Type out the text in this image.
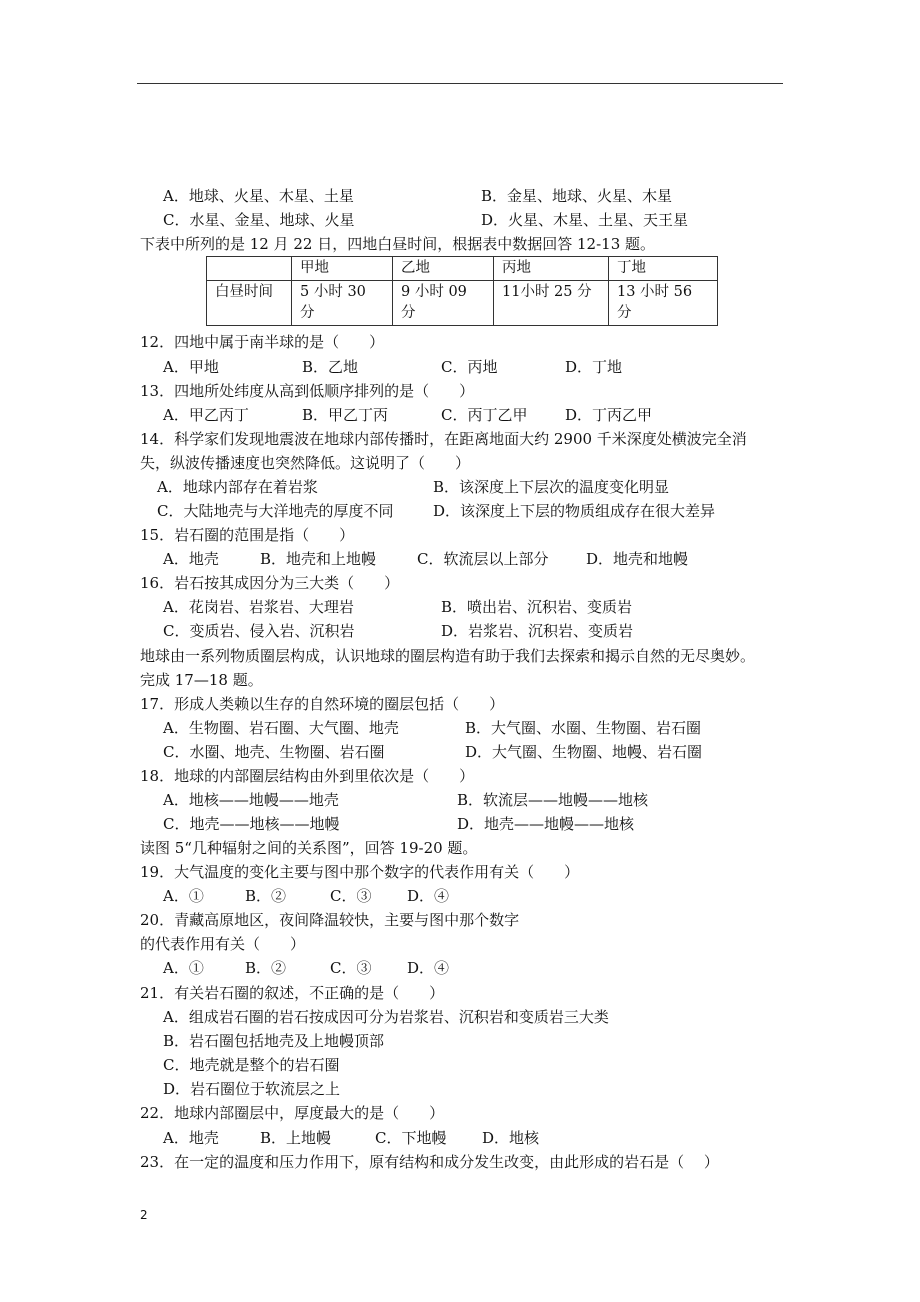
A．地球、火星、木星、土星	B．金星、地球、火星、木星
C．水星、金星、地球、火星	D．火星、木星、土星、天王星
下表中所列的是 12 月 22 日，四地白昼时间，根据表中数据回答 12-13 题。
	甲地	乙地	丙地	丁地
白昼时间	5 小时 30 分	9 小时 09 分	11小时 25 分	13 小时 56 分
12．四地中属于南半球的是（　　）
A．甲地	B．乙地	C．丙地	D．丁地
13．四地所处纬度从高到低顺序排列的是（　　）
A．甲乙丙丁	B．甲乙丁丙	C．丙丁乙甲	D．丁丙乙甲
14．科学家们发现地震波在地球内部传播时，在距离地面大约 2900 千米深度处横波完全消
失，纵波传播速度也突然降低。这说明了（　　）
A．地球内部存在着岩浆	B．该深度上下层次的温度变化明显
C．大陆地壳与大洋地壳的厚度不同	D．该深度上下层的物质组成存在很大差异
15．岩石圈的范围是指（　　）
A．地壳	B．地壳和上地幔	C．软流层以上部分	D．地壳和地幔
16．岩石按其成因分为三大类（　　）
A．花岗岩、岩浆岩、大理岩	B．喷出岩、沉积岩、变质岩
C．变质岩、侵入岩、沉积岩	D．岩浆岩、沉积岩、变质岩
地球由一系列物质圈层构成，认识地球的圈层构造有助于我们去探索和揭示自然的无尽奥妙。
完成 17—18 题。
17．形成人类赖以生存的自然环境的圈层包括（　　）
A．生物圈、岩石圈、大气圈、地壳	B．大气圈、水圈、生物圈、岩石圈
C．水圈、地壳、生物圈、岩石圈	D．大气圈、生物圈、地幔、岩石圈
18．地球的内部圈层结构由外到里依次是（　　）
A．地核——地幔——地壳	B．软流层——地幔——地核
C．地壳——地核——地幔	D．地壳——地幔——地核
读图 5“几种辐射之间的关系图”，回答 19-20 题。
19．大气温度的变化主要与图中那个数字的代表作用有关（　　）
A．①	B．②	C．③ D．④
20．青藏高原地区，夜间降温较快，主要与图中那个数字
的代表作用有关（　　）
A．①	B．②	C．③ D．④
21．有关岩石圈的叙述，不正确的是（　　）
A．组成岩石圈的岩石按成因可分为岩浆岩、沉积岩和变质岩三大类
B．岩石圈包括地壳及上地幔顶部
C．地壳就是整个的岩石圈
D．岩石圈位于软流层之上
22．地球内部圈层中，厚度最大的是（　　）
A．地壳	B．上地幔	C．下地幔 D．地核
23．在一定的温度和压力作用下，原有结构和成分发生改变，由此形成的岩石是（　 ）
2
